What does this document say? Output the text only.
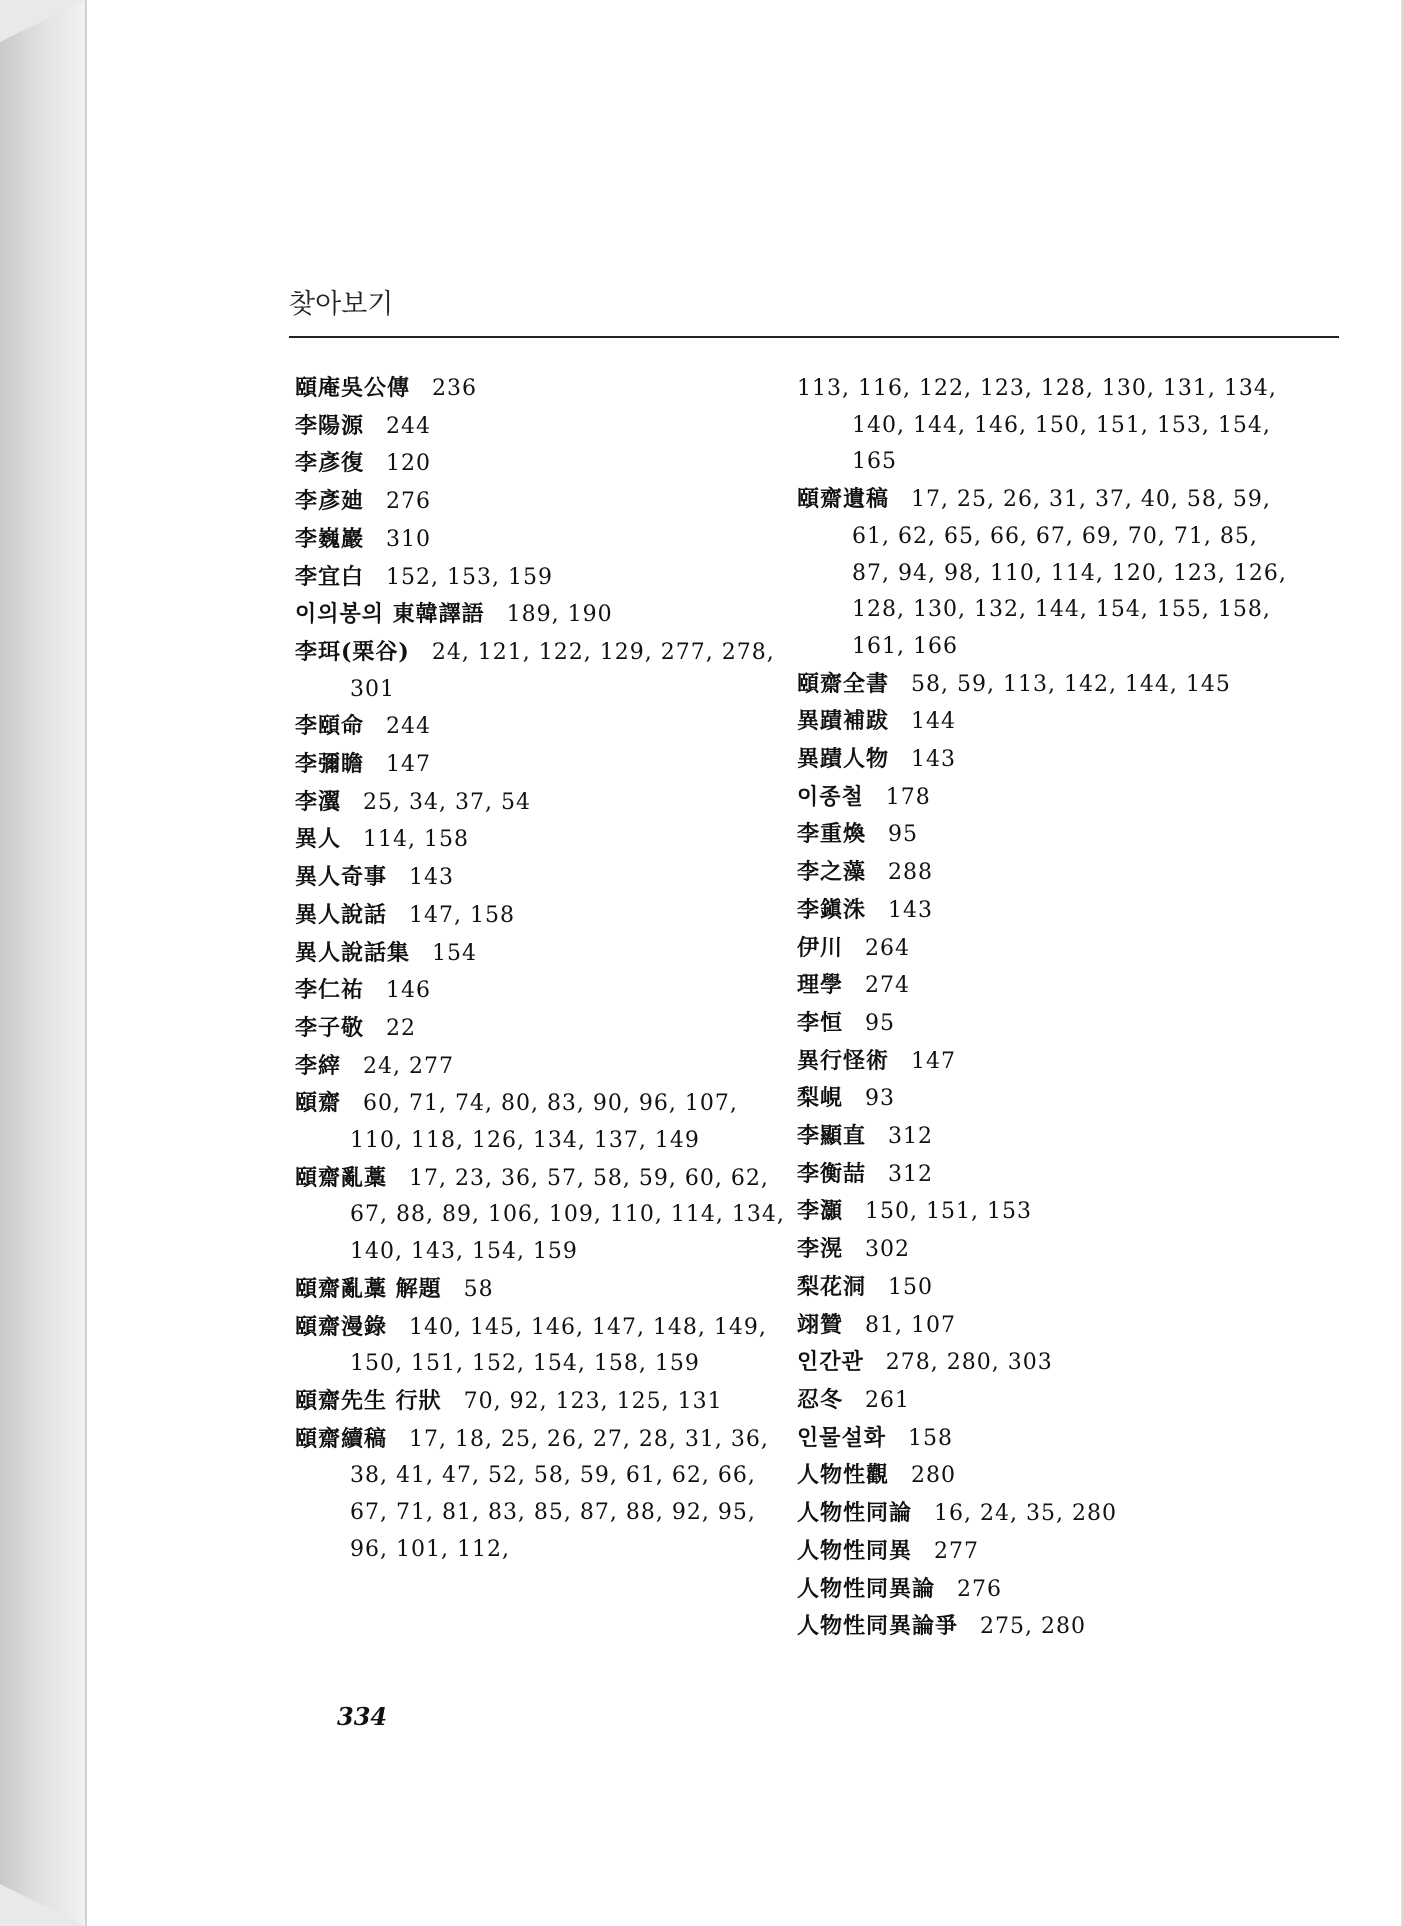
찾아보기

頤庵吳公傳 236

李陽源 244

李彥復 120

李彥廸 276

李巍巖 310

李宜白 152, 153, 159

이의봉의 東韓譯語 189, 190

李珥(栗谷) 24, 121, 122, 129, 277, 278, 301

李頤命 244

李彌瞻 147

李瀷 25, 34, 37, 54

異人 114, 158

異人奇事 143

異人說話 147, 158

異人說話集 154

李仁祐 146

李子敬 22

李縡 24, 277

頤齋 60, 71, 74, 80, 83, 90, 96, 107, 110, 118, 126, 134, 137, 149

頤齋亂藁 17, 23, 36, 57, 58, 59, 60, 62, 67, 88, 89, 106, 109, 110, 114, 134, 140, 143, 154, 159

頤齋亂藁 解題 58

頤齋漫錄 140, 145, 146, 147, 148, 149, 150, 151, 152, 154, 158, 159

頤齋先生 行狀 70, 92, 123, 125, 131

頤齋續稿 17, 18, 25, 26, 27, 28, 31, 36, 38, 41, 47, 52, 58, 59, 61, 62, 66, 67, 71, 81, 83, 85, 87, 88, 92, 95, 96, 101, 112,

113, 116, 122, 123, 128, 130, 131, 134, 140, 144, 146, 150, 151, 153, 154, 165

頤齋遺稿 17, 25, 26, 31, 37, 40, 58, 59, 61, 62, 65, 66, 67, 69, 70, 71, 85, 87, 94, 98, 110, 114, 120, 123, 126, 128, 130, 132, 144, 154, 155, 158, 161, 166

頤齋全書 58, 59, 113, 142, 144, 145

異蹟補跋 144

異蹟人物 143

이종철 178

李重煥 95

李之藻 288

李鎭洙 143

伊川 264

理學 274

李恒 95

異行怪術 147

梨峴 93

李顯直 312

李衡喆 312

李灝 150, 151, 153

李滉 302

梨花洞 150

翊贊 81, 107

인간관 278, 280, 303

忍冬 261

인물설화 158

人物性觀 280

人物性同論 16, 24, 35, 280

人物性同異 277

人物性同異論 276

人物性同異論爭 275, 280

334
